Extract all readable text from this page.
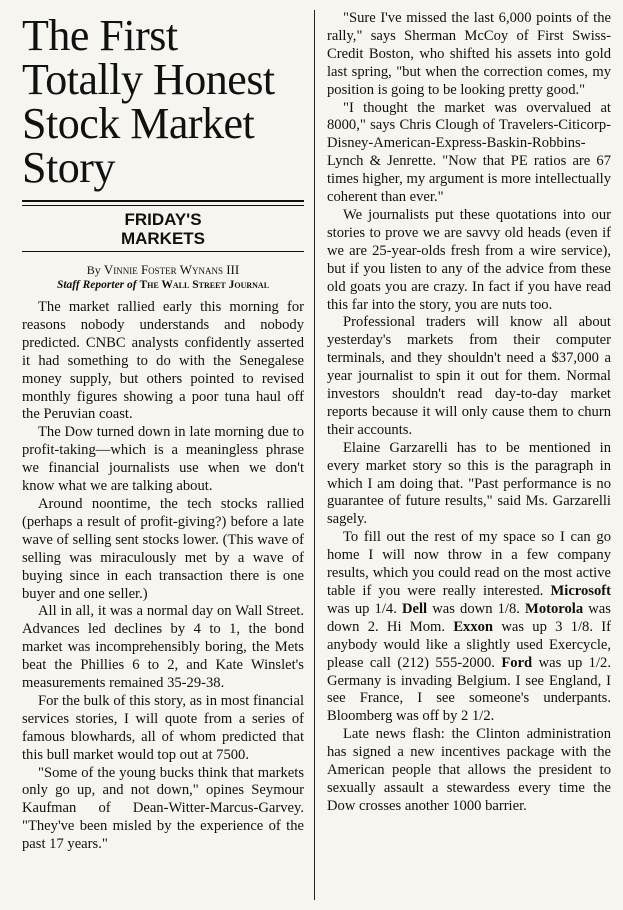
The First Totally Honest Stock Market Story
FRIDAY'S
MARKETS
By Vinnie Foster Wynans III
Staff Reporter of The Wall Street Journal

The market rallied early this morning for reasons nobody understands and nobody predicted. CNBC analysts confidently asserted it had something to do with the Senegalese money supply, but others pointed to revised monthly figures showing a poor tuna haul off the Peruvian coast.

The Dow turned down in late morning due to profit-taking—which is a meaningless phrase we financial journalists use when we don't know what we are talking about.

Around noontime, the tech stocks rallied (perhaps a result of profit-giving?) before a late wave of selling sent stocks lower. (This wave of selling was miraculously met by a wave of buying since in each transaction there is one buyer and one seller.)

All in all, it was a normal day on Wall Street. Advances led declines by 4 to 1, the bond market was incomprehensibly boring, the Mets beat the Phillies 6 to 2, and Kate Winslet's measurements remained 35-29-38.

For the bulk of this story, as in most financial services stories, I will quote from a series of famous blowhards, all of whom predicted that this bull market would top out at 7500.

"Some of the young bucks think that markets only go up, and not down," opines Seymour Kaufman of Dean-Witter-Marcus-Garvey. "They've been misled by the experience of the past 17 years."

"Sure I've missed the last 6,000 points of the rally," says Sherman McCoy of First Swiss-Credit Boston, who shifted his assets into gold last spring, "but when the correction comes, my position is going to be looking pretty good."

"I thought the market was overvalued at 8000," says Chris Clough of Travelers-Citicorp-Disney-American-Express-Baskin-Robbins-Lynch & Jenrette. "Now that PE ratios are 67 times higher, my argument is more intellectually coherent than ever."

We journalists put these quotations into our stories to prove we are savvy old heads (even if we are 25-year-olds fresh from a wire service), but if you listen to any of the advice from these old goats you are crazy. In fact if you have read this far into the story, you are nuts too.

Professional traders will know all about yesterday's markets from their computer terminals, and they shouldn't need a $37,000 a year journalist to spin it out for them. Normal investors shouldn't read day-to-day market reports because it will only cause them to churn their accounts.

Elaine Garzarelli has to be mentioned in every market story so this is the paragraph in which I am doing that. "Past performance is no guarantee of future results," said Ms. Garzarelli sagely.

To fill out the rest of my space so I can go home I will now throw in a few company results, which you could read on the most active table if you were really interested. Microsoft was up 1/4. Dell was down 1/8. Motorola was down 2. Hi Mom. Exxon was up 3 1/8. If anybody would like a slightly used Exercycle, please call (212) 555-2000. Ford was up 1/2. Germany is invading Belgium. I see England, I see France, I see someone's underpants. Bloomberg was off by 2 1/2.

Late news flash: the Clinton administration has signed a new incentives package with the American people that allows the president to sexually assault a stewardess every time the Dow crosses another 1000 barrier.
